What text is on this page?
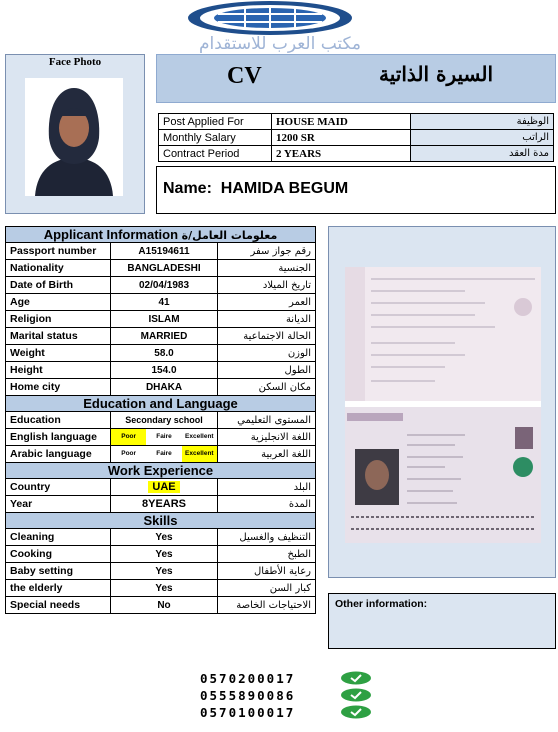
مكتب العرب للاستقدام
Face Photo
CV	السيرة الذاتية
Post Applied For	HOUSE MAID	الوظيفة
Monthly Salary	1200 SR	الراتب
Contract Period	2 YEARS	مدة العقد
Name: HAMIDA BEGUM
Applicant Information معلومات العامل/ة		
Passport number	A15194611	رقم جواز سفر
Nationality	BANGLADESHI	الجنسية
Date of Birth	02/04/1983	تاريخ الميلاد
Age	41	العمر
Religion	ISLAM	الديانة
Marital status	MARRIED	الحالة الاجتماعية
Weight	58.0	الوزن
Height	154.0	الطول
Home city	DHAKA	مكان السكن
Education and Language		
Education	Secondary school	المستوى التعليمي
English language	Poor Faire Excellent	اللغة الانجليزية
Arabic language	Poor Faire Excellent	اللغة العربية
Work Experience		
Country	UAE	البلد
Year	8YEARS	المدة
Skills		
Cleaning	Yes	التنظيف والغسيل
Cooking	Yes	الطبخ
Baby setting	Yes	رعاية الأطفال
the elderly	Yes	كبار السن
Special needs	No	الاحتياجات الخاصة Other information:
0570200017
0555890086
0570100017
